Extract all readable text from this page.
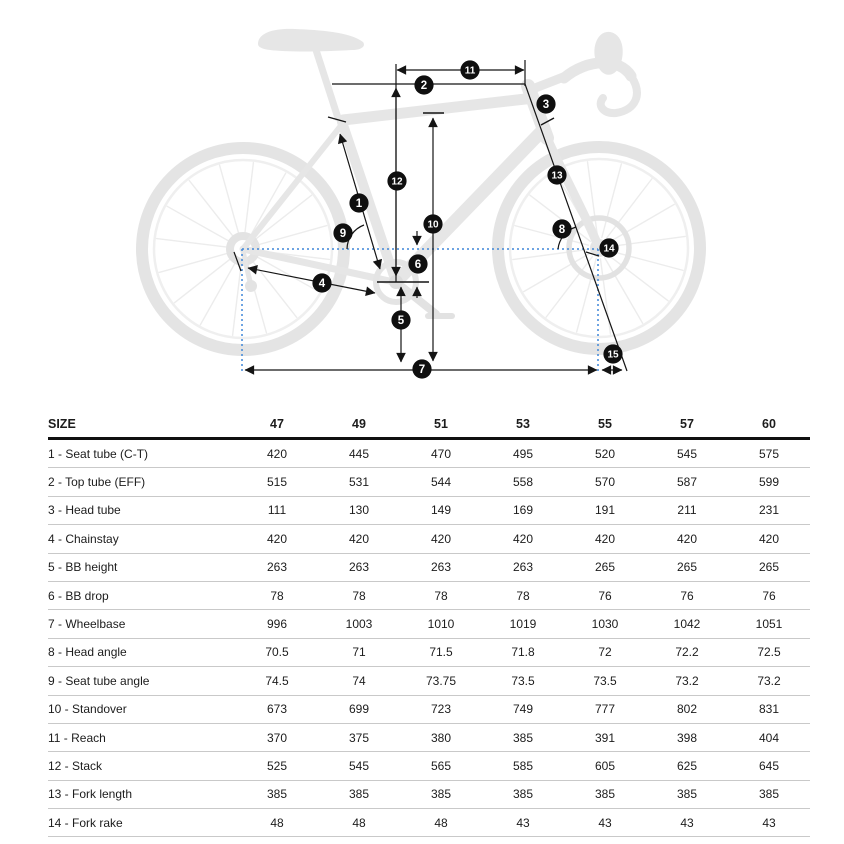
1
2
3
4
5
6
7
8
9
10
11
12
13
14
15
SIZE	47	49	51	53	55	57	60
1 - Seat tube (C-T)	420	445	470	495	520	545	575
2 - Top tube (EFF)	515	531	544	558	570	587	599
3 - Head tube	111	130	149	169	191	211	231
4 - Chainstay	420	420	420	420	420	420	420
5 - BB height	263	263	263	263	265	265	265
6 - BB drop	78	78	78	78	76	76	76
7 - Wheelbase	996	1003	1010	1019	1030	1042	1051
8 - Head angle	70.5	71	71.5	71.8	72	72.2	72.5
9 - Seat tube angle	74.5	74	73.75	73.5	73.5	73.2	73.2
10 - Standover	673	699	723	749	777	802	831
11 - Reach	370	375	380	385	391	398	404
12 - Stack	525	545	565	585	605	625	645
13 - Fork length	385	385	385	385	385	385	385
14 - Fork rake	48	48	48	43	43	43	43
